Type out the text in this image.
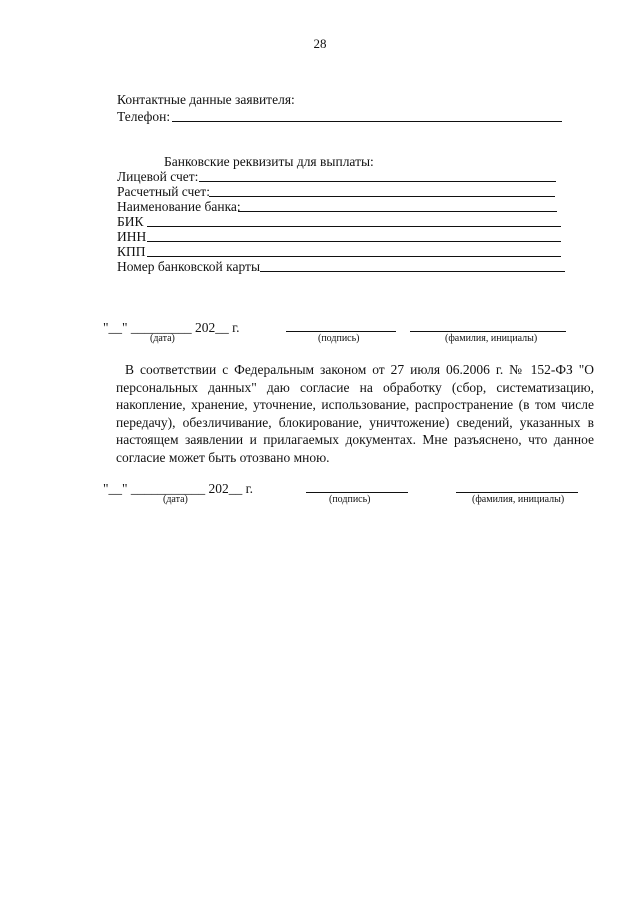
28
Контактные данные заявителя:
Телефон:
Банковские реквизиты для выплаты:
Лицевой счет:
Расчетный счет:
Наименование банка:
БИК
ИНН
КПП
Номер банковской карты
"__" _________ 202__ г.
(дата)	(подпись)	(фамилия, инициалы)
В соответствии с Федеральным законом от 27 июля 06.2006 г. № 152-ФЗ "О персональных данных" даю согласие на обработку (сбор, систематизацию, накопление, хранение, уточнение, использование, распространение (в том числе передачу), обезличивание, блокирование, уничтожение) сведений, указанных в настоящем заявлении и прилагаемых документах. Мне разъяснено, что данное согласие может быть отозвано мною.
"__" ___________ 202__ г.
(дата)	(подпись)	(фамилия, инициалы)
